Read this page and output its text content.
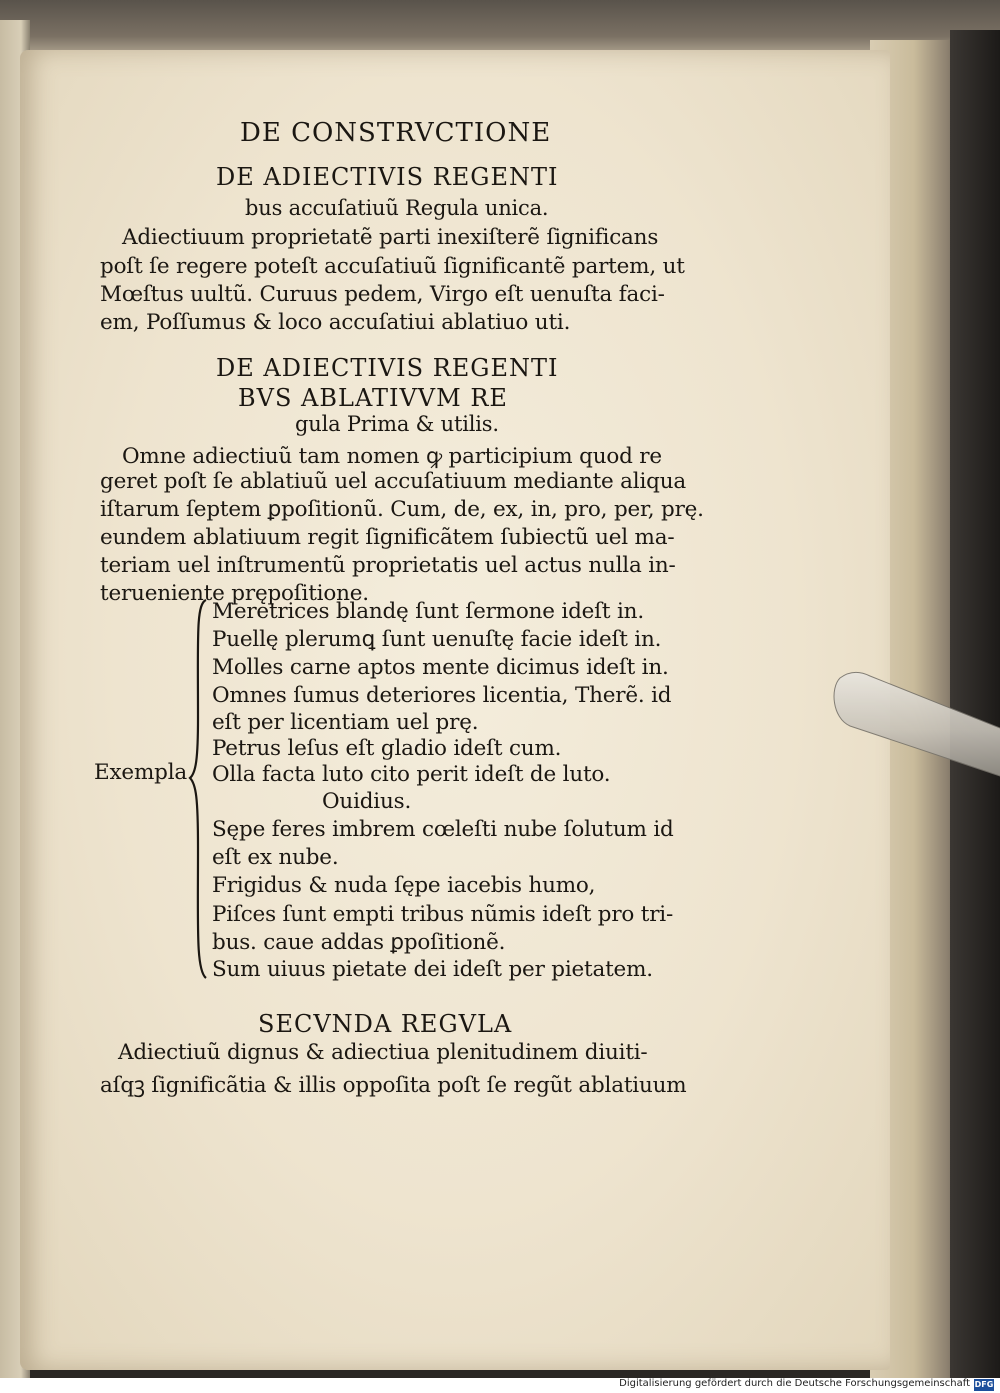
DE CONSTRVCTIONE
DE ADIECTIVIS REGENTI
bus accuſatiuũ Regula unica.
Adiectiuum proprietatẽ parti inexiſterẽ ſignificans
poſt ſe regere poteſt accuſatiuũ ſignificantẽ partem, ut
Mœſtus uultũ. Curuus pedem, Virgo eſt uenuſta faci-
em, Poſſumus & loco accuſatiui ablatiuo uti.
DE ADIECTIVIS REGENTI
BVS ABLATIVVM RE
gula Prima & utilis.
Omne adiectiuũ tam nomen ꝙ participium quod re
geret poſt ſe ablatiuũ uel accuſatiuum mediante aliqua
iſtarum ſeptem ꝑpoſitionũ. Cum, de, ex, in, pro, per, prę.
eundem ablatiuum regit ſignificãtem ſubiectũ uel ma-
teriam uel inſtrumentũ proprietatis uel actus nulla in-
teruenientе prępoſitione.
Exempla
Meretrices blandę ſunt ſermone ideſt in.
Puellę plerumꝗ ſunt uenuſtę facie ideſt in.
Molles carne aptos mente dicimus ideſt in.
Omnes ſumus deteriores licentia, Therẽ. id
eſt per licentiam uel prę.
Petrus leſus eſt gladio ideſt cum.
Olla facta luto cito perit ideſt de luto.
Ouidius.
Sępe feres imbrem cœleſti nube ſolutum id
eſt ex nube.
Frigidus & nuda ſępe iacebis humo,
Piſces ſunt empti tribus nũmis ideſt pro tri-
bus. caue addas ꝑpoſitionẽ.
Sum uiuus pietate dei ideſt per pietatem.
SECVNDA REGVLA
Adiectiuũ dignus & adiectiua plenitudinem diuiti-
aſqꝫ ſignificãtia & illis oppoſita poſt ſe regũt ablatiuum
Digitalisierung gefördert durch die Deutsche Forschungsgemeinschaft DFG
